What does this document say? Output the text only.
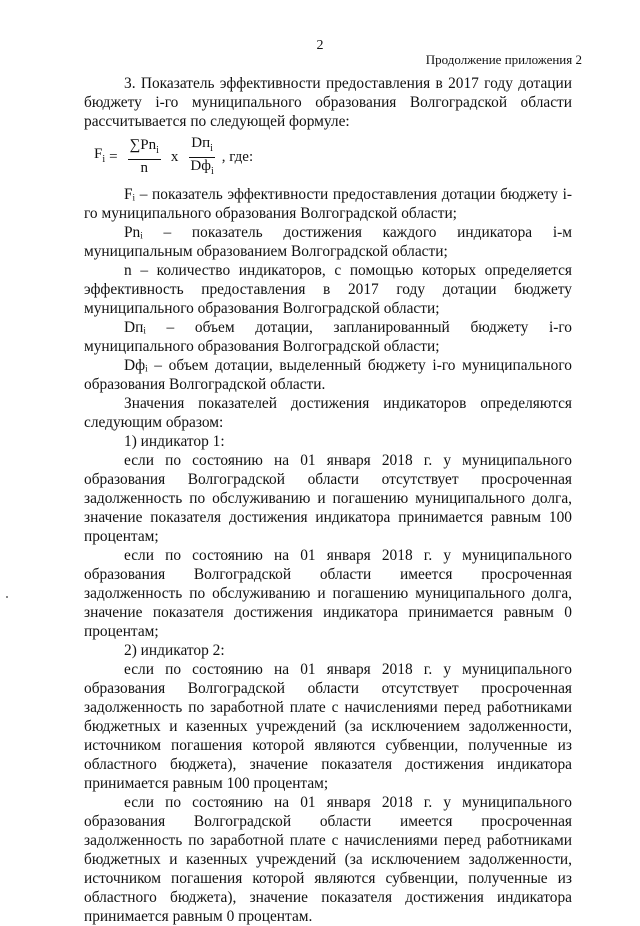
2
Продолжение приложения 2

3. Показатель эффективности предоставления в 2017 году дотации бюджету i-го муниципального образования Волгоградской области рассчитывается по следующей формуле:

$F_i = \frac{\sum Pn_i}{n}$ x $\frac{Dп_i}{Dф_i}$ , где:

Fᵢ – показатель эффективности предоставления дотации бюджету i-го муниципального образования Волгоградской области;

Pnᵢ – показатель достижения каждого индикатора i-м муниципальным образованием Волгоградской области;

n – количество индикаторов, с помощью которых определяется эффективность предоставления в 2017 году дотации бюджету муниципального образования Волгоградской области;

Dпᵢ – объем дотации, запланированный бюджету i-го муниципального образования Волгоградской области;

Dфᵢ – объем дотации, выделенный бюджету i-го муниципального образования Волгоградской области.

Значения показателей достижения индикаторов определяются следующим образом:

1) индикатор 1:

если по состоянию на 01 января 2018 г. у муниципального образования Волгоградской области отсутствует просроченная задолженность по обслуживанию и погашению муниципального долга, значение показателя достижения индикатора принимается равным 100 процентам;

если по состоянию на 01 января 2018 г. у муниципального образования Волгоградской области имеется просроченная задолженность по обслуживанию и погашению муниципального долга, значение показателя достижения индикатора принимается равным 0 процентам;

2) индикатор 2:

если по состоянию на 01 января 2018 г. у муниципального образования Волгоградской области отсутствует просроченная задолженность по заработной плате с начислениями перед работниками бюджетных и казенных учреждений (за исключением задолженности, источником погашения которой являются субвенции, полученные из областного бюджета), значение показателя достижения индикатора принимается равным 100 процентам;

если по состоянию на 01 января 2018 г. у муниципального образования Волгоградской области имеется просроченная задолженность по заработной плате с начислениями перед работниками бюджетных и казенных учреждений (за исключением задолженности, источником погашения которой являются субвенции, полученные из областного бюджета), значение показателя достижения индикатора принимается равным 0 процентам.
